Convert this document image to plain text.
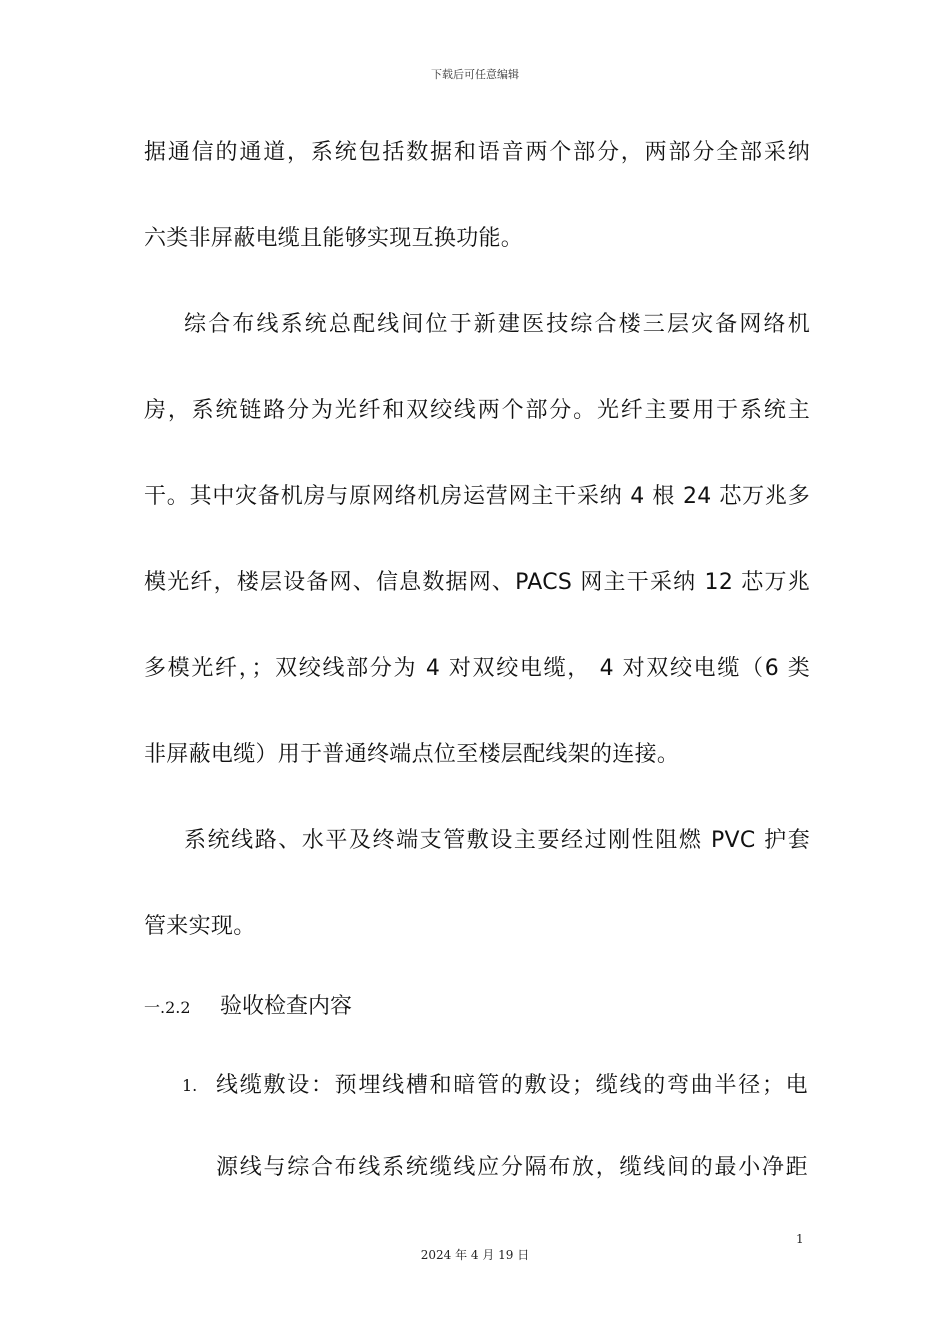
下载后可任意编辑
据通信的通道，系统包括数据和语音两个部分，两部分全部采纳
六类非屏蔽电缆且能够实现互换功能。
综合布线系统总配线间位于新建医技综合楼三层灾备网络机
房，系统链路分为光纤和双绞线两个部分。光纤主要用于系统主
干。其中灾备机房与原网络机房运营网主干采纳 4 根 24 芯万兆多
模光纤，楼层设备网、信息数据网、PACS 网主干采纳 12 芯万兆
多模光纤，；双绞线部分为 4 对双绞电缆， 4 对双绞电缆（6 类
非屏蔽电缆）用于普通终端点位至楼层配线架的连接。
系统线路、水平及终端支管敷设主要经过刚性阻燃 PVC 护套
管来实现。
一.2.2 验收检查内容
1. 线缆敷设：预埋线槽和暗管的敷设；缆线的弯曲半径；电
源线与综合布线系统缆线应分隔布放，缆线间的最小净距
1
2024 年 4 月 19 日
